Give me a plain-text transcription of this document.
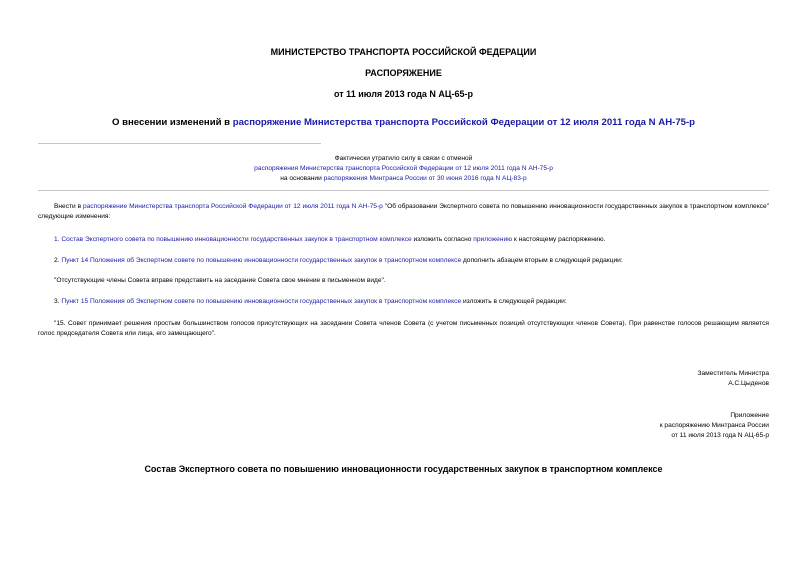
МИНИСТЕРСТВО ТРАНСПОРТА РОССИЙСКОЙ ФЕДЕРАЦИИ
РАСПОРЯЖЕНИЕ
от 11 июля 2013 года N АЦ-65-р
О внесении изменений в распоряжение Министерства транспорта Российской Федерации от 12 июля 2011 года N АН-75-р
Фактически утратило силу в связи с отменой
распоряжения Министерства транспорта Российской Федерации от 12 июля 2011 года N АН-75-р
на основании распоряжения Минтранса России от 30 июня 2016 года N АЦ-83-р
Внести в распоряжение Министерства транспорта Российской Федерации от 12 июля 2011 года N АН-75-р "Об образовании Экспертного совета по повышению инновационности государственных закупок в транспортном комплексе" следующие изменения:
1. Состав Экспертного совета по повышению инновационности государственных закупок в транспортном комплексе изложить согласно приложению к настоящему распоряжению.
2. Пункт 14 Положения об Экспертном совете по повышению инновационности государственных закупок в транспортном комплексе дополнить абзацем вторым в следующей редакции:
"Отсутствующие члены Совета вправе представить на заседание Совета свое мнение в письменном виде".
3. Пункт 15 Положения об Экспертном совете по повышению инновационности государственных закупок в транспортном комплексе изложить в следующей редакции:
"15. Совет принимает решения простым большинством голосов присутствующих на заседании Совета членов Совета (с учетом письменных позиций отсутствующих членов Совета). При равенстве голосов решающим является голос председателя Совета или лица, его замещающего".
Заместитель Министра
А.С.Цыденов
Приложение
к распоряжению Минтранса России
от 11 июля 2013 года N АЦ-65-р
Состав Экспертного совета по повышению инновационности государственных закупок в транспортном комплексе
